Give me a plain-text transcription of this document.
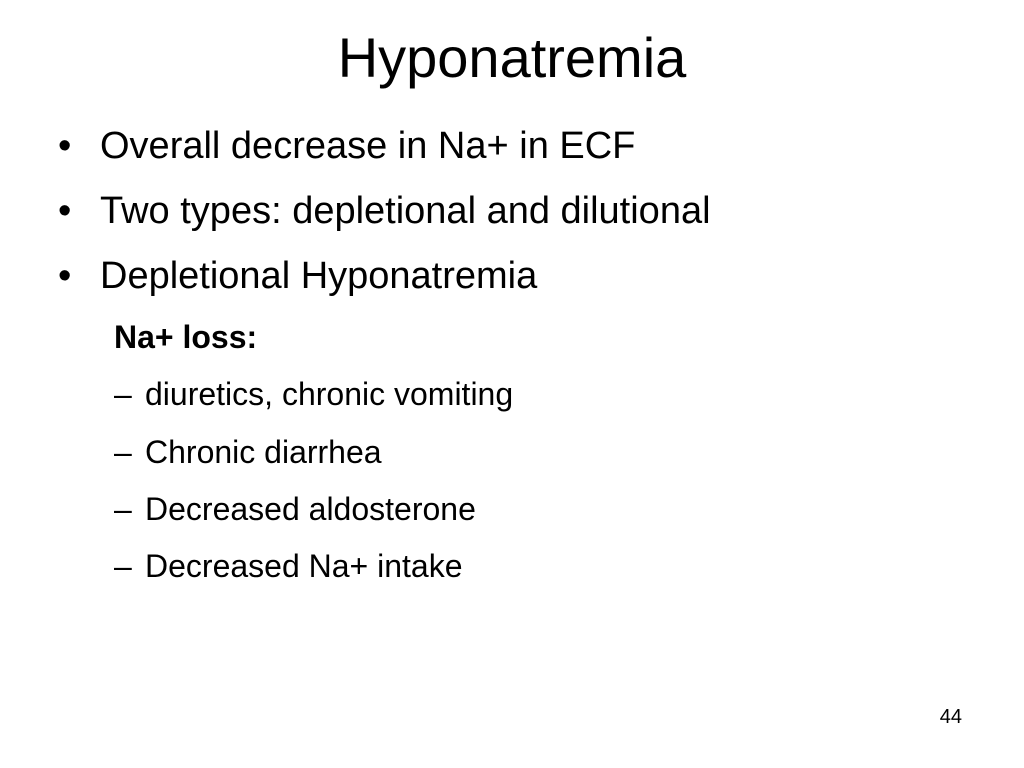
Hyponatremia
• Overall decrease in Na+ in ECF
• Two types: depletional and dilutional
• Depletional Hyponatremia
Na+ loss:
– diuretics, chronic vomiting
– Chronic diarrhea
– Decreased aldosterone
– Decreased Na+ intake
44
